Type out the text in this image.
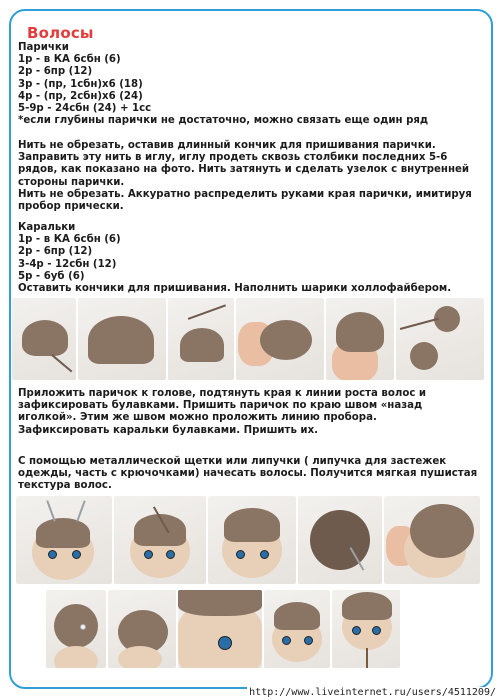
Волосы
Парички
1р - в КА 6сбн (6)
2р - 6пр (12)
3р - (пр, 1сбн)х6 (18)
4р - (пр, 2сбн)х6 (24)
5-9р - 24сбн (24) + 1сс
*если глубины парички не достаточно, можно связать еще один ряд
Нить не обрезать, оставив длинный кончик для пришивания парички.
Заправить эту нить в иглу, иглу продеть сквозь столбики последних 5-6 рядов, как показано на фото. Нить затянуть и сделать узелок с внутренней стороны парички.
Нить не обрезать. Аккуратно распределить руками края парички, имитируя пробор прически.
Каральки
1р - в КА 6сбн (6)
2р - 6пр (12)
3-4р - 12сбн (12)
5р - 6уб (6)
Оставить кончики для пришивания. Наполнить шарики холлофайбером.
Приложить паричок к голове, подтянуть края к линии роста волос и зафиксировать булавками. Пришить паричок по краю швом «назад иголкой». Этим же швом можно проложить линию пробора.
Зафиксировать каральки булавками. Пришить их.
С помощью металлической щетки или липучки ( липучка для застежек одежды, часть с крючочками) начесать волосы. Получится мягкая пушистая текстура волос.
http://www.liveinternet.ru/users/4511209/
